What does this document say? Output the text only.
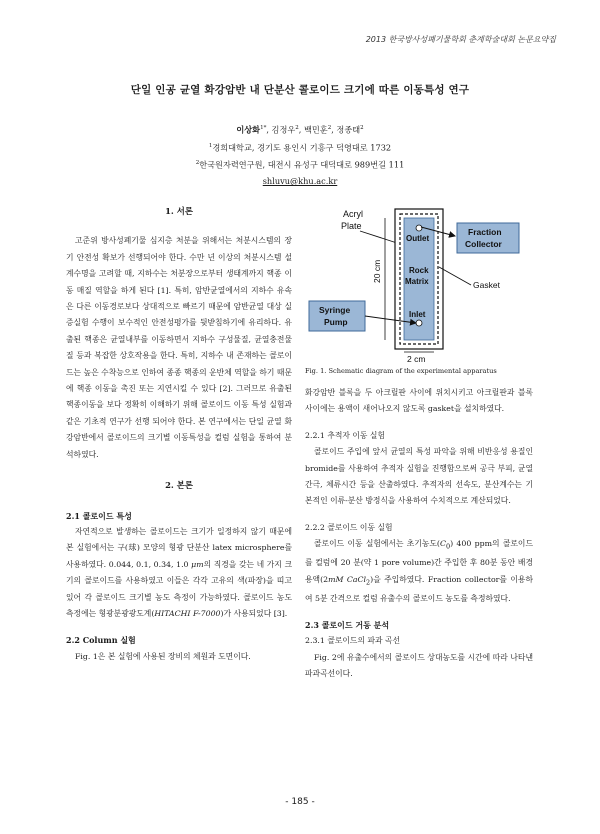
2013 한국방사성폐기물학회 춘계학술대회 논문요약집
단일 인공 균열 화강암반 내 단분산 콜로이드 크기에 따른 이동특성 연구
이상화$^{1*}$, 김정우$^2$, 백민훈$^2$, 정종태$^2$
$^1$경희대학교, 경기도 용인시 기흥구 덕영대로 1732
$^2$한국원자력연구원, 대전시 유성구 대덕대로 989번길 111
shluvu@khu.ac.kr
1. 서론

고준위 방사성폐기물 심지층 처분을 위해서는 처분시스템의 장기 안전성 확보가 선행되어야 한다. 수만 년 이상의 처분시스템 설계수명을 고려할 때, 지하수는 처분장으로부터 생태계까지 핵종 이동 매질 역할을 하게 된다 [1]. 특히, 암반균열에서의 지하수 유속은 다른 이동경로보다 상대적으로 빠르기 때문에 암반균열 대상 실증실험 수행이 보수적인 안전성평가를 뒷받침하기에 유리하다. 유출된 핵종은 균열내부를 이동하면서 지하수 구성물질, 균열충전물질 등과 복잡한 상호작용을 한다. 특히, 지하수 내 존재하는 콜로이드는 높은 수착능으로 인하여 종종 핵종의 운반체 역할을 하기 때문에 핵종 이동을 촉진 또는 지연시킬 수 있다 [2]. 그러므로 유출된 핵종이동을 보다 정확히 이해하기 위해 콜로이드 이동 특성 실험과 같은 기초적 연구가 선행 되어야 한다. 본 연구에서는 단일 균열 화강암반에서 콜로이드의 크기별 이동특성을 컬럼 실험을 통하여 분석하였다.

2. 본론
2.1 콜로이드 특성

자연적으로 발생하는 콜로이드는 크기가 일정하지 않기 때문에 본 실험에서는 구(球) 모양의 형광 단분산 latex microsphere를 사용하였다. 0.044, 0.1, 0.34, 1.0 μm의 직경을 갖는 네 가지 크기의 콜로이드를 사용하였고 이들은 각각 고유의 색(파장)을 띠고 있어 각 콜로이드 크기별 농도 측정이 가능하였다. 콜로이드 농도 측정에는 형광분광광도계(HITACHI F-7000)가 사용되었다 [3].

2.2 Column 실험

Fig. 1은 본 실험에 사용된 장비의 체원과 도면이다.

Acryl
Plate
Outlet
Rock
Matrix
Inlet
20 cm
2 cm
Fraction
Collector
Gasket
Syringe
Pump
Fig. 1. Schematic diagram of the experimental apparatus

화강암반 블록을 두 아크릴판 사이에 위치시키고 아크릴판과 블록사이에는 용액이 새어나오지 않도록 gasket을 설치하였다.

2.2.1 추적자 이동 실험

콜로이드 주입에 앞서 균열의 특성 파악을 위해 비반응성 용질인 bromide를 사용하여 추적자 실험을 진행함으로써 공극 부피, 균열 간극, 체류시간 등을 산출하였다. 추적자의 선속도, 분산계수는 기본적인 이류-분산 방정식을 사용하여 수치적으로 계산되었다.

2.2.2 콜로이드 이동 실험

콜로이드 이동 실험에서는 초기농도$(C_0)$ 400 ppm의 콜로이드를 컬럼에 20 분(약 1 pore volume)간 주입한 후 80분 동안 배경 용액(2mM CaCl$_2$)을 주입하였다. Fraction collector를 이용하여 5분 간격으로 컬럼 유출수의 콜로이드 농도를 측정하였다.

2.3 콜로이드 거동 분석
2.3.1 콜로이드의 파과 곡선

Fig. 2에 유출수에서의 콜로이드 상대농도를 시간에 따라 나타낸 파과곡선이다.

- 185 -
